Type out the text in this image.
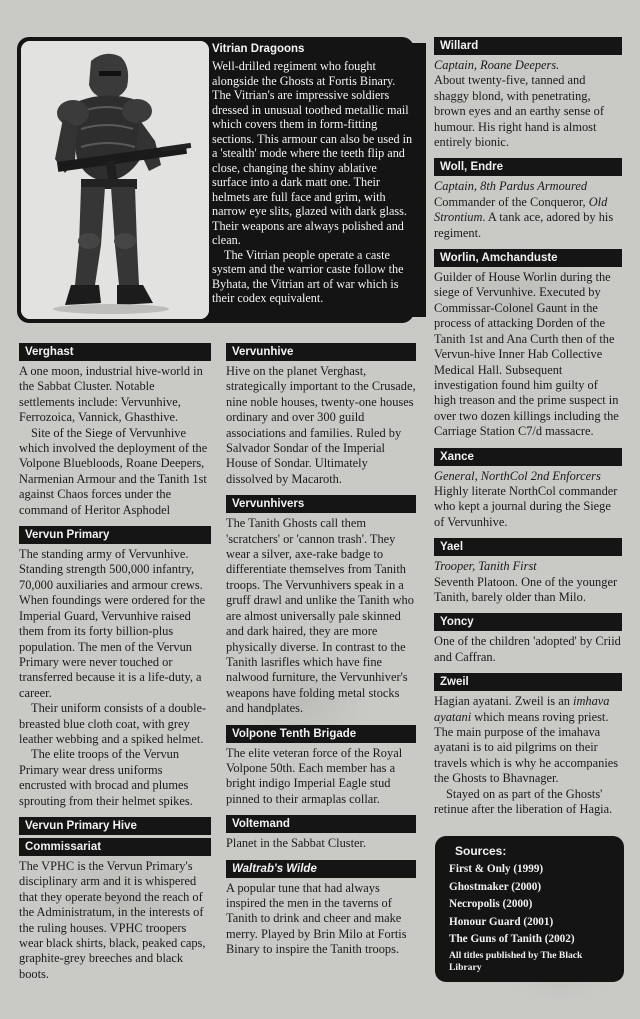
Vitrian Dragoons

Well-drilled regiment who fought alongside the Ghosts at Fortis Binary. The Vitrian's are impressive soldiers dressed in unusual toothed metallic mail which covers them in form-fitting sections. This armour can also be used in a 'stealth' mode where the teeth flip and close, changing the shiny ablative surface into a dark matt one. Their helmets are full face and grim, with narrow eye slits, glazed with dark glass. Their weapons are always polished and clean.

The Vitrian people operate a caste system and the warrior caste follow the Byhata, the Vitrian art of war which is their codex equivalent.

Verghast

A one moon, industrial hive-world in the Sabbat Cluster. Notable settlements include: Vervunhive, Ferrozoica, Vannick, Ghasthive.

Site of the Siege of Vervunhive which involved the deployment of the Volpone Bluebloods, Roane Deepers, Narmenian Armour and the Tanith 1st against Chaos forces under the command of Heritor Asphodel

Vervun Primary

The standing army of Vervunhive. Standing strength 500,000 infantry, 70,000 auxiliaries and armour crews. When foundings were ordered for the Imperial Guard, Vervunhive raised them from its forty billion-plus population. The men of the Vervun Primary were never touched or transferred because it is a life-duty, a career.

Their uniform consists of a double-breasted blue cloth coat, with grey leather webbing and a spiked helmet.

The elite troops of the Vervun Primary wear dress uniforms encrusted with brocad and plumes sprouting from their helmet spikes.

Vervun Primary Hive
Commissariat

The VPHC is the Vervun Primary's disciplinary arm and it is whispered that they operate beyond the reach of the Administratum, in the interests of the ruling houses. VPHC troopers wear black shirts, black, peaked caps, graphite-grey breeches and black boots.

Vervunhive

Hive on the planet Verghast, strategically important to the Crusade, nine noble houses, twenty-one houses ordinary and over 300 guild associations and families. Ruled by Salvador Sondar of the Imperial House of Sondar. Ultimately dissolved by Macaroth.

Vervunhivers

The Tanith Ghosts call them 'scratchers' or 'cannon trash'. They wear a silver, axe-rake badge to differentiate themselves from Tanith troops. The Vervunhivers speak in a gruff drawl and unlike the Tanith who are almost universally pale skinned and dark haired, they are more physically diverse. In contrast to the Tanith lasrifles which have fine nalwood furniture, the Vervunhiver's weapons have folding metal stocks and handplates.

Volpone Tenth Brigade

The elite veteran force of the Royal Volpone 50th. Each member has a bright indigo Imperial Eagle stud pinned to their armaplas collar.

Voltemand

Planet in the Sabbat Cluster.

Waltrab's Wilde

A popular tune that had always inspired the men in the taverns of Tanith to drink and cheer and make merry. Played by Brin Milo at Fortis Binary to inspire the Tanith troops.

Willard
Captain, Roane Deepers.

About twenty-five, tanned and shaggy blond, with penetrating, brown eyes and an earthy sense of humour. His right hand is almost entirely bionic.

Woll, Endre
Captain, 8th Pardus Armoured

Commander of the Conqueror, Old Strontium. A tank ace, adored by his regiment.

Worlin, Amchanduste

Guilder of House Worlin during the siege of Vervunhive. Executed by Commissar-Colonel Gaunt in the process of attacking Dorden of the Tanith 1st and Ana Curth then of the Vervun-hive Inner Hab Collective Medical Hall. Subsequent investigation found him guilty of high treason and the prime suspect in over two dozen killings including the Carriage Station C7/d massacre.

Xance
General, NorthCol 2nd Enforcers

Highly literate NorthCol commander who kept a journal during the Siege of Vervunhive.

Yael
Trooper, Tanith First

Seventh Platoon. One of the younger Tanith, barely older than Milo.

Yoncy

One of the children 'adopted' by Criid and Caffran.

Zweil

Hagian ayatani. Zweil is an imhava ayatani which means roving priest. The main purpose of the imahava ayatani is to aid pilgrims on their travels which is why he accompanies the Ghosts to Bhavnager.

Stayed on as part of the Ghosts' retinue after the liberation of Hagia.

Sources:
First & Only (1999)
Ghostmaker (2000)
Necropolis (2000)
Honour Guard (2001)
The Guns of Tanith (2002)
All titles published by The Black Library
